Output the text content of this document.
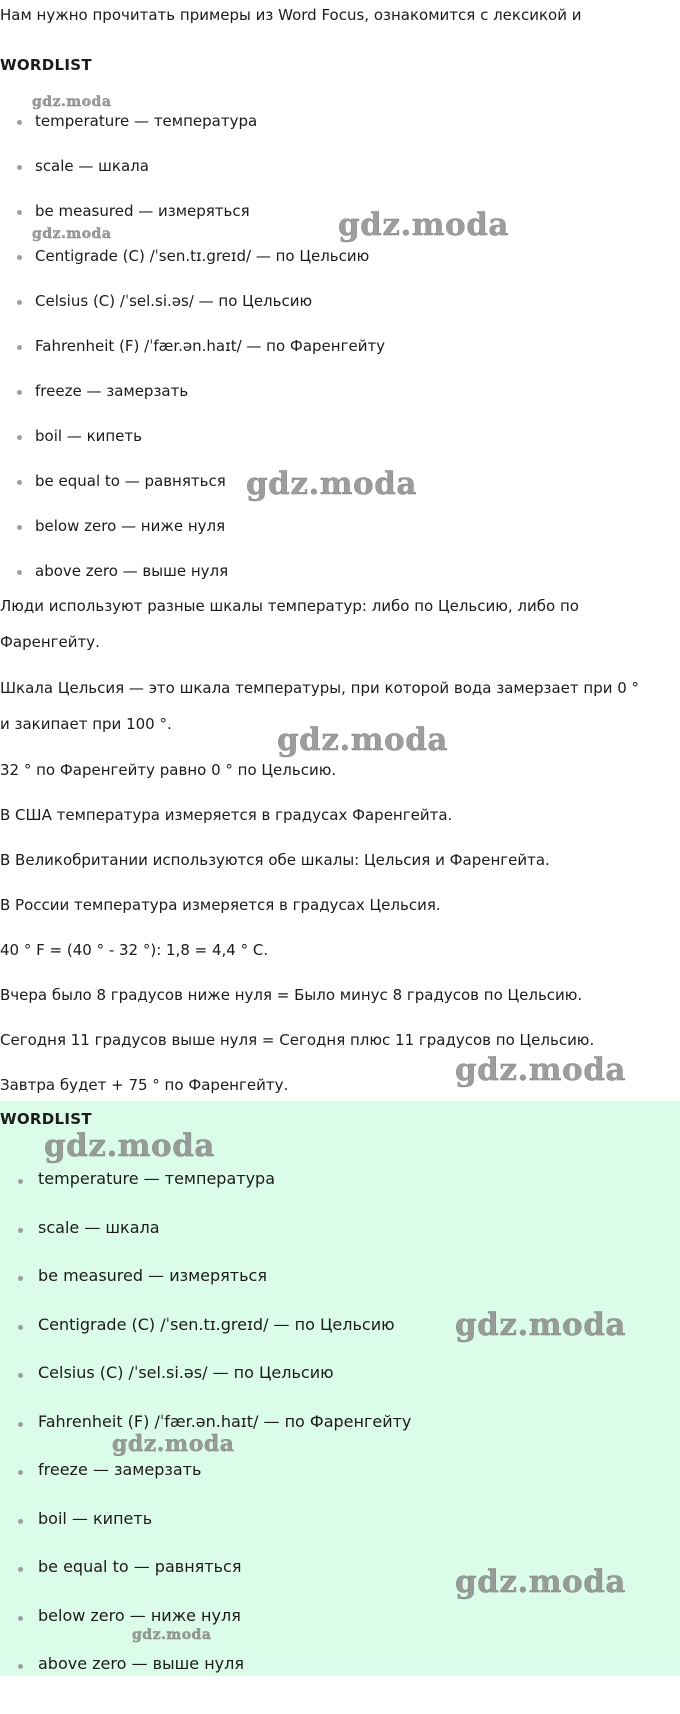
Нам нужно прочитать примеры из Word Focus, ознакомится с лексикой и
WORDLIST
temperature — температура
scale — шкала
be measured — измеряться
Centigrade (C) /ˈsen.tɪ.greɪd/ — по Цельсию
Celsius (C) /ˈsel.si.əs/ — по Цельсию
Fahrenheit (F) /ˈfær.ən.haɪt/ — по Фаренгейту
freeze — замерзать
boil — кипеть
be equal to — равняться
below zero — ниже нуля
above zero — выше нуля
Люди используют разные шкалы температур: либо по Цельсию, либо по
Фаренгейту.
Шкала Цельсия — это шкала температуры, при которой вода замерзает при 0 °
и закипает при 100 °.
32 ° по Фаренгейту равно 0 ° по Цельсию.
В США температура измеряется в градусах Фаренгейта.
В Великобритании используются обе шкалы: Цельсия и Фаренгейта.
В России температура измеряется в градусах Цельсия.
40 ° F = (40 ° - 32 °): 1,8 = 4,4 ° C.
Вчера было 8 градусов ниже нуля = Было минус 8 градусов по Цельсию.
Сегодня 11 градусов выше нуля = Сегодня плюс 11 градусов по Цельсию.
Завтра будет + 75 ° по Фаренгейту.
WORDLIST
temperature — температура
scale — шкала
be measured — измеряться
Centigrade (C) /ˈsen.tɪ.greɪd/ — по Цельсию
Celsius (C) /ˈsel.si.əs/ — по Цельсию
Fahrenheit (F) /ˈfær.ən.haɪt/ — по Фаренгейту
freeze — замерзать
boil — кипеть
be equal to — равняться
below zero — ниже нуля
above zero — выше нуля
gdz.moda
gdz.moda	gdz.moda
gdz.moda
gdz.moda
gdz.moda
gdz.moda
gdz.moda
gdz.moda
gdz.moda
gdz.moda
